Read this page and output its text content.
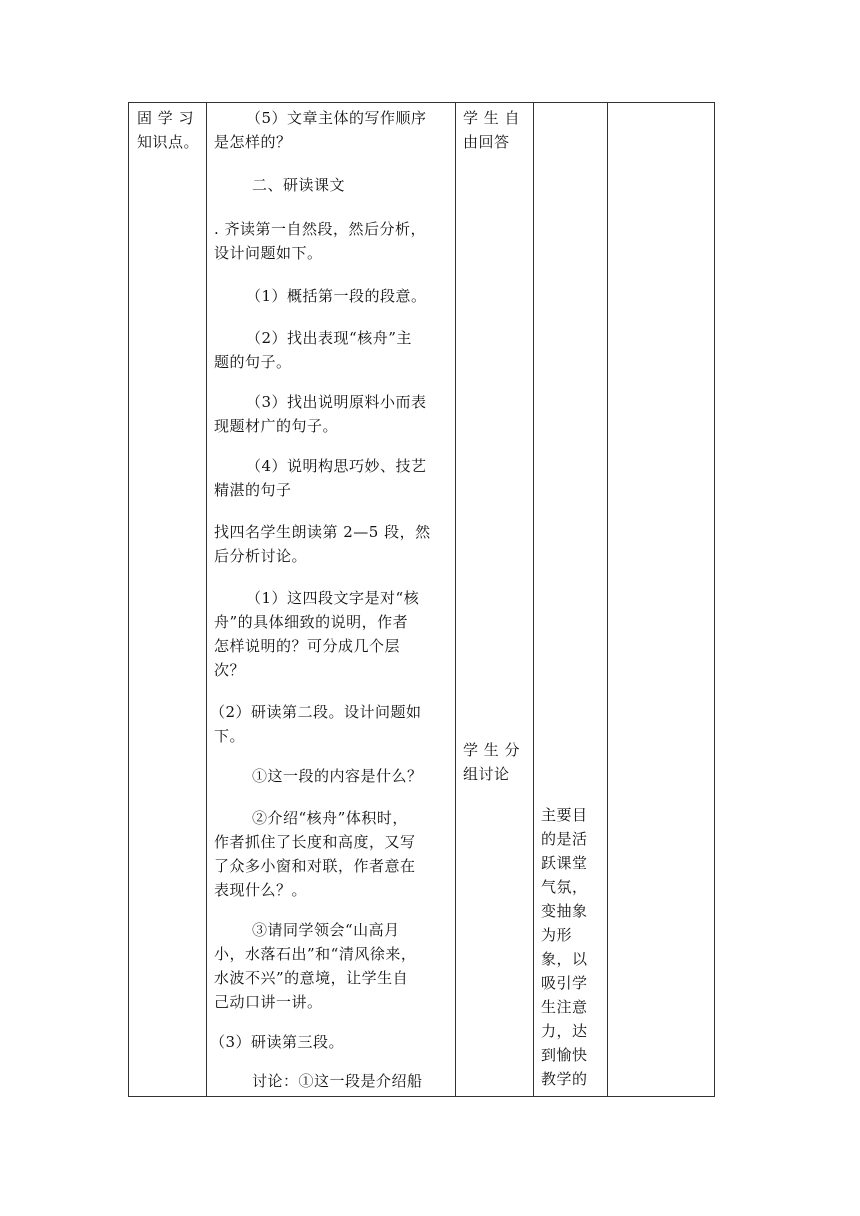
固 学 习
知识点。
（5）文章主体的写作顺序
是怎样的？
二、研读课文
. 齐读第一自然段，然后分析，
设计问题如下。
（1）概括第一段的段意。
（2）找出表现“核舟”主
题的句子。
（3）找出说明原料小而表
现题材广的句子。
（4）说明构思巧妙、技艺
精湛的句子
找四名学生朗读第 2—5 段，然
后分析讨论。
（1）这四段文字是对“核
舟”的具体细致的说明，作者
怎样说明的？可分成几个层
次？
（2）研读第二段。设计问题如
下。
①这一段的内容是什么？
②介绍“核舟”体积时，
作者抓住了长度和高度，又写
了众多小窗和对联，作者意在
表现什么？。
③请同学领会“山高月
小，水落石出”和“清风徐来，
水波不兴”的意境，让学生自
己动口讲一讲。
（3）研读第三段。
讨论：①这一段是介绍船
学 生 自
由回答
学 生 分
组讨论
主要目
的是活
跃课堂
气氛，
变抽象
为形
象，以
吸引学
生注意
力，达
到愉快
教学的
